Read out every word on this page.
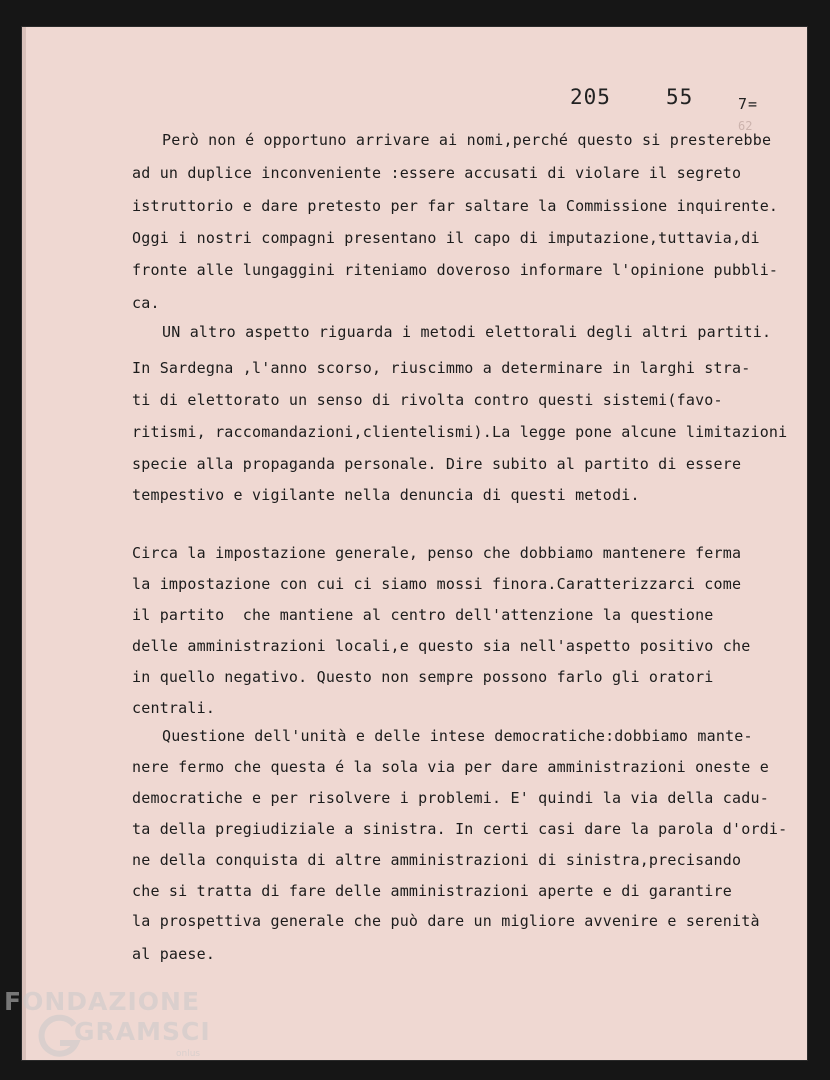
205	55	7=
62
Però non é opportuno arrivare ai nomi,perché questo si presterebbe
ad un duplice inconveniente :essere accusati di violare il segreto
istruttorio e dare pretesto per far saltare la Commissione inquirente.
Oggi i nostri compagni presentano il capo di imputazione,tuttavia,di
fronte alle lungaggini riteniamo doveroso informare l'opinione pubbli-
ca.
UN altro aspetto riguarda i metodi elettorali degli altri partiti.
In Sardegna ,l'anno scorso, riuscimmo a determinare in larghi stra-
ti di elettorato un senso di rivolta contro questi sistemi(favo-
ritismi, raccomandazioni,clientelismi).La legge pone alcune limitazioni
specie alla propaganda personale. Dire subito al partito di essere
tempestivo e vigilante nella denuncia di questi metodi.
Circa la impostazione generale, penso che dobbiamo mantenere ferma
la impostazione con cui ci siamo mossi finora.Caratterizzarci come
il partito  che mantiene al centro dell'attenzione la questione
delle amministrazioni locali,e questo sia nell'aspetto positivo che
in quello negativo. Questo non sempre possono farlo gli oratori
centrali.
Questione dell'unità e delle intese democratiche:dobbiamo mante-
nere fermo che questa é la sola via per dare amministrazioni oneste e
democratiche e per risolvere i problemi. E' quindi la via della cadu-
ta della pregiudiziale a sinistra. In certi casi dare la parola d'ordi-
ne della conquista di altre amministrazioni di sinistra,precisando
che si tratta di fare delle amministrazioni aperte e di garantire
la prospettiva generale che può dare un migliore avvenire e serenità
al paese.
FONDAZIONE
GRAMSCI
onlus
